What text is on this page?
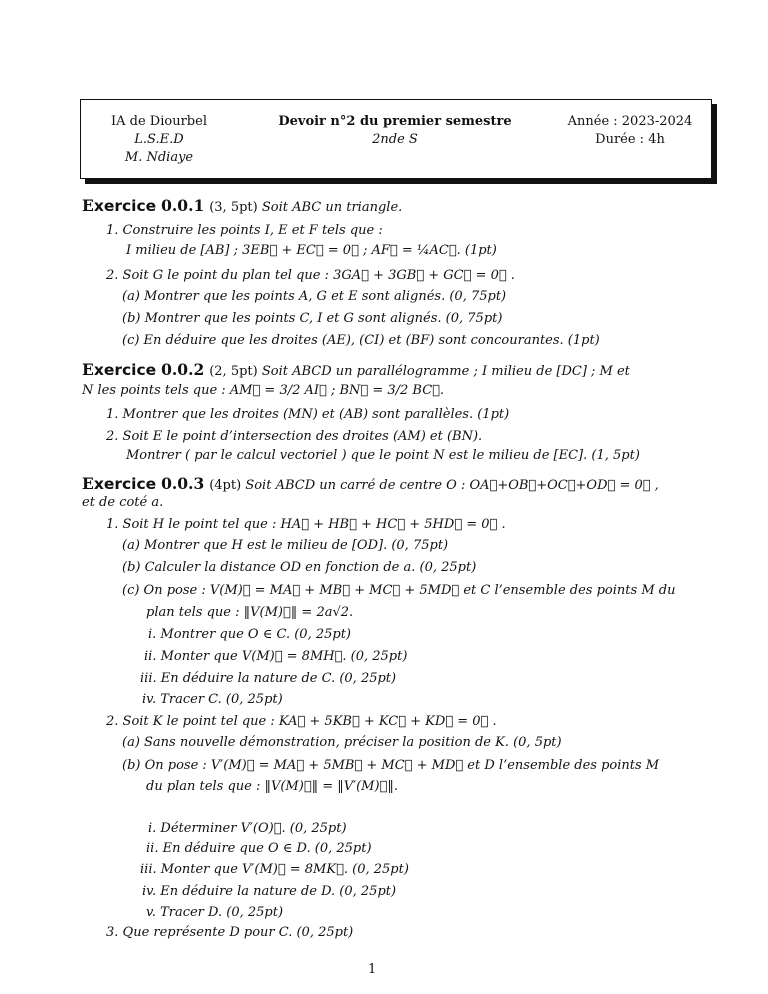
IA de Diourbel
L.S.E.D
M. Ndiaye
Devoir n°2 du premier semestre
2nde S
Année : 2023-2024
Durée : 4h
Exercice 0.0.1 (3, 5pt) Soit ABC un triangle.
1. Construire les points I, E et F tels que :
I milieu de [AB] ; 3EB⃗ + EC⃗ = 0⃗ ; AF⃗ = ¼AC⃗. (1pt)
2. Soit G le point du plan tel que : 3GA⃗ + 3GB⃗ + GC⃗ = 0⃗ .
(a) Montrer que les points A, G et E sont alignés. (0, 75pt)
(b) Montrer que les points C, I et G sont alignés. (0, 75pt)
(c) En déduire que les droites (AE), (CI) et (BF) sont concourantes. (1pt)
Exercice 0.0.2 (2, 5pt) Soit ABCD un parallélogramme ; I milieu de [DC] ; M et
N les points tels que : AM⃗ = 3/2 AI⃗ ; BN⃗ = 3/2 BC⃗.
1. Montrer que les droites (MN) et (AB) sont parallèles. (1pt)
2. Soit E le point d’intersection des droites (AM) et (BN).
Montrer ( par le calcul vectoriel ) que le point N est le milieu de [EC]. (1, 5pt)
Exercice 0.0.3 (4pt) Soit ABCD un carré de centre O : OA⃗+OB⃗+OC⃗+OD⃗ = 0⃗ ,
et de coté a.
1. Soit H le point tel que : HA⃗ + HB⃗ + HC⃗ + 5HD⃗ = 0⃗ .
(a) Montrer que H est le milieu de [OD]. (0, 75pt)
(b) Calculer la distance OD en fonction de a. (0, 25pt)
(c) On pose : V(M)⃗ = MA⃗ + MB⃗ + MC⃗ + 5MD⃗ et C l’ensemble des points M du
plan tels que : ‖V(M)⃗‖ = 2a√2.
i. Montrer que O ∈ C. (0, 25pt)
ii. Monter que V(M)⃗ = 8MH⃗. (0, 25pt)
iii. En déduire la nature de C. (0, 25pt)
iv. Tracer C. (0, 25pt)
2. Soit K le point tel que : KA⃗ + 5KB⃗ + KC⃗ + KD⃗ = 0⃗ .
(a) Sans nouvelle démonstration, préciser la position de K. (0, 5pt)
(b) On pose : V′(M)⃗ = MA⃗ + 5MB⃗ + MC⃗ + MD⃗ et D l’ensemble des points M
du plan tels que : ‖V(M)⃗‖ = ‖V′(M)⃗‖.
i. Déterminer V′(O)⃗. (0, 25pt)
ii. En déduire que O ∈ D. (0, 25pt)
iii. Monter que V′(M)⃗ = 8MK⃗. (0, 25pt)
iv. En déduire la nature de D. (0, 25pt)
v. Tracer D. (0, 25pt)
3. Que représente D pour C. (0, 25pt)
1
